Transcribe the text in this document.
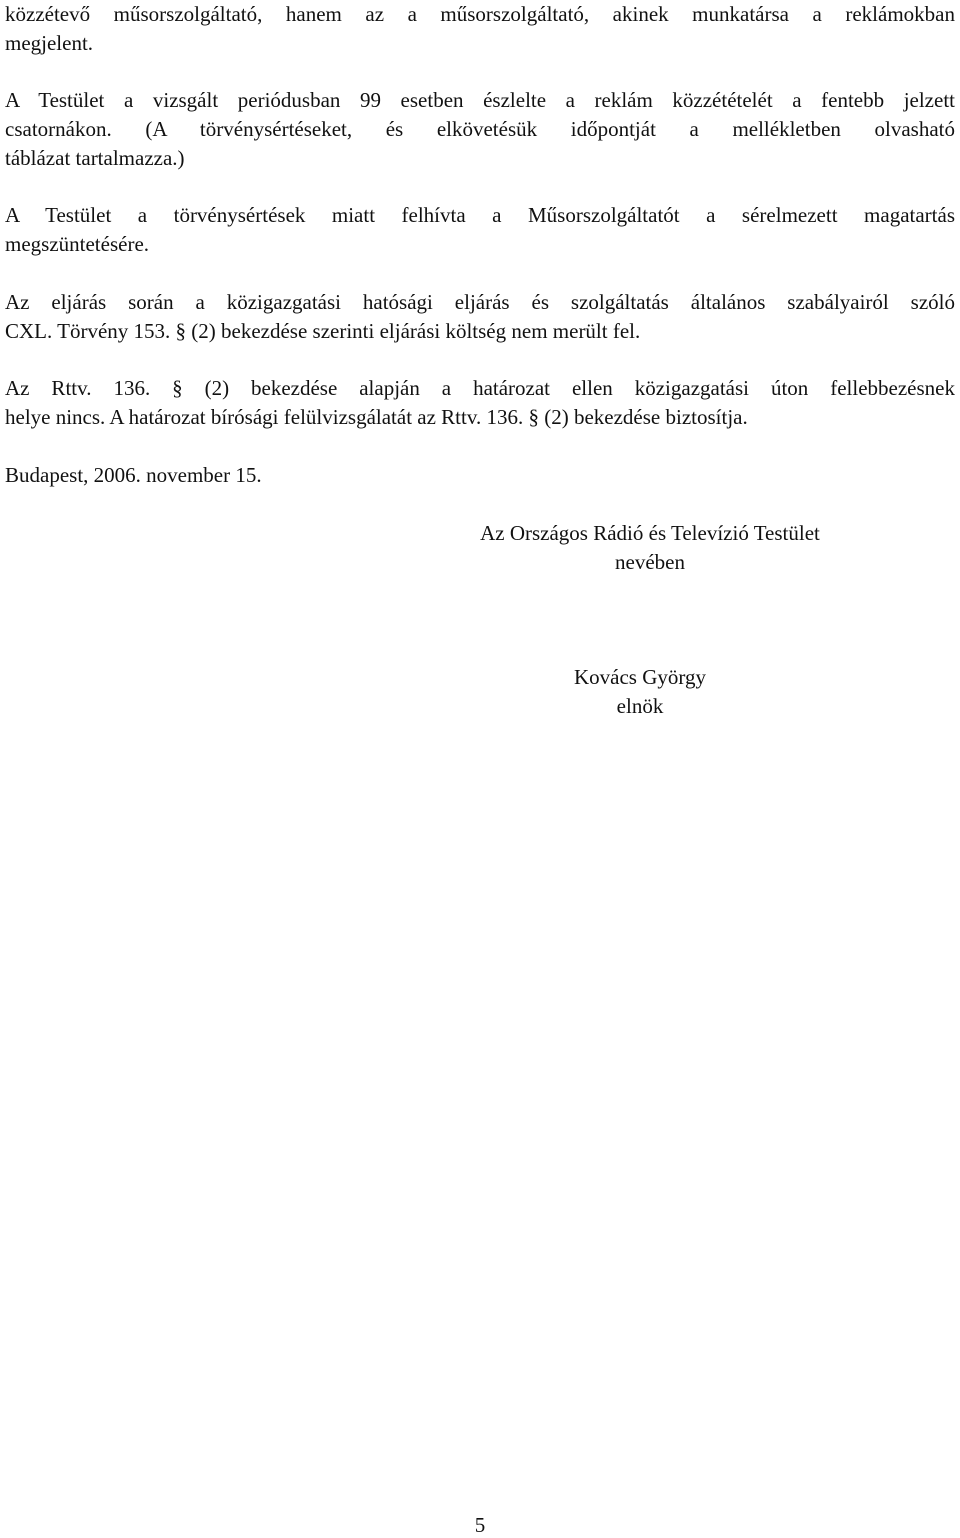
közzétevő műsorszolgáltató, hanem az a műsorszolgáltató, akinek munkatársa a reklámokban
megjelent.
A Testület a vizsgált periódusban 99 esetben észlelte a reklám közzétételét a fentebb jelzett
csatornákon. (A törvénysértéseket, és elkövetésük időpontját a mellékletben olvasható
táblázat tartalmazza.)
A Testület a törvénysértések miatt felhívta a Műsorszolgáltatót a sérelmezett magatartás
megszüntetésére.
Az eljárás során a közigazgatási hatósági eljárás és szolgáltatás általános szabályairól szóló
CXL. Törvény 153. § (2) bekezdése szerinti eljárási költség nem merült fel.
Az Rttv. 136. § (2) bekezdése alapján a határozat ellen közigazgatási úton fellebbezésnek
helye nincs. A határozat bírósági felülvizsgálatát az Rttv. 136. § (2) bekezdése biztosítja.
Budapest, 2006. november 15.
Az Országos Rádió és Televízió Testület
nevében
Kovács György
elnök
5
